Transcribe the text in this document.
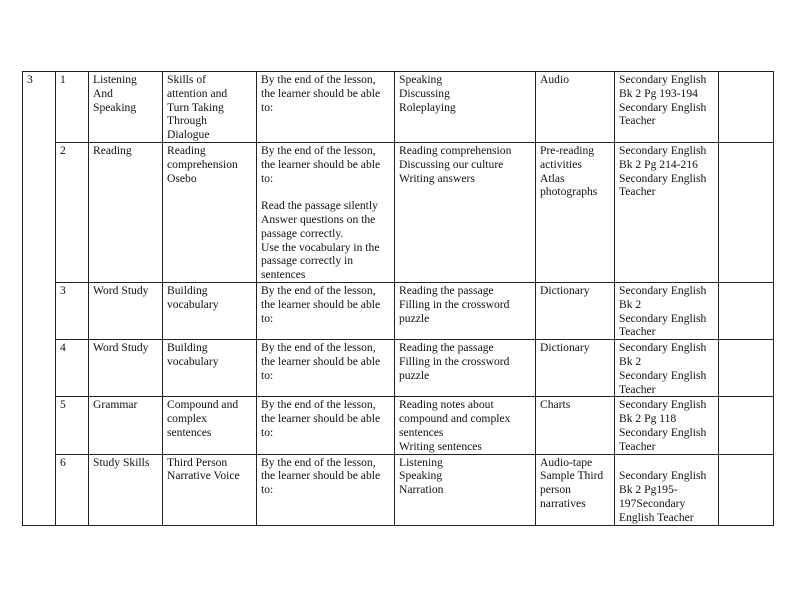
3	1	Listening
And
Speaking	Skills of
attention and
Turn Taking
Through
Dialogue	By the end of the lesson, the learner should be able to:	Speaking
Discussing
Roleplaying	Audio	Secondary English Bk 2 Pg 193-194
Secondary English Teacher	

	2	Reading	Reading
comprehension
Osebo	By the end of the lesson, the learner should be able to:
Read the passage silently
Answer questions on the passage correctly.
Use the vocabulary in the passage correctly in sentences	Reading comprehension
Discussing our culture
Writing answers	Pre-reading
activities
Atlas
photographs	Secondary English Bk 2 Pg 214-216
Secondary English Teacher	

	3	Word Study	Building
vocabulary	By the end of the lesson, the learner should be able to:	Reading the passage
Filling in the crossword puzzle	Dictionary	Secondary English Bk 2
Secondary English Teacher	

	4	Word Study	Building
vocabulary	By the end of the lesson, the learner should be able to:	Reading the passage
Filling in the crossword puzzle	Dictionary	Secondary English Bk 2
Secondary English Teacher	

	5	Grammar	Compound and
complex
sentences	By the end of the lesson, the learner should be able to:	Reading notes about compound and complex sentences
Writing sentences	Charts	Secondary English Bk 2 Pg 118
Secondary English Teacher	

	6	Study Skills	Third Person
Narrative Voice	By the end of the lesson, the learner should be able to:	Listening
Speaking
Narration	Audio-tape
Sample Third
person
narratives	Secondary English Bk 2 Pg195-197Secondary English Teacher	
